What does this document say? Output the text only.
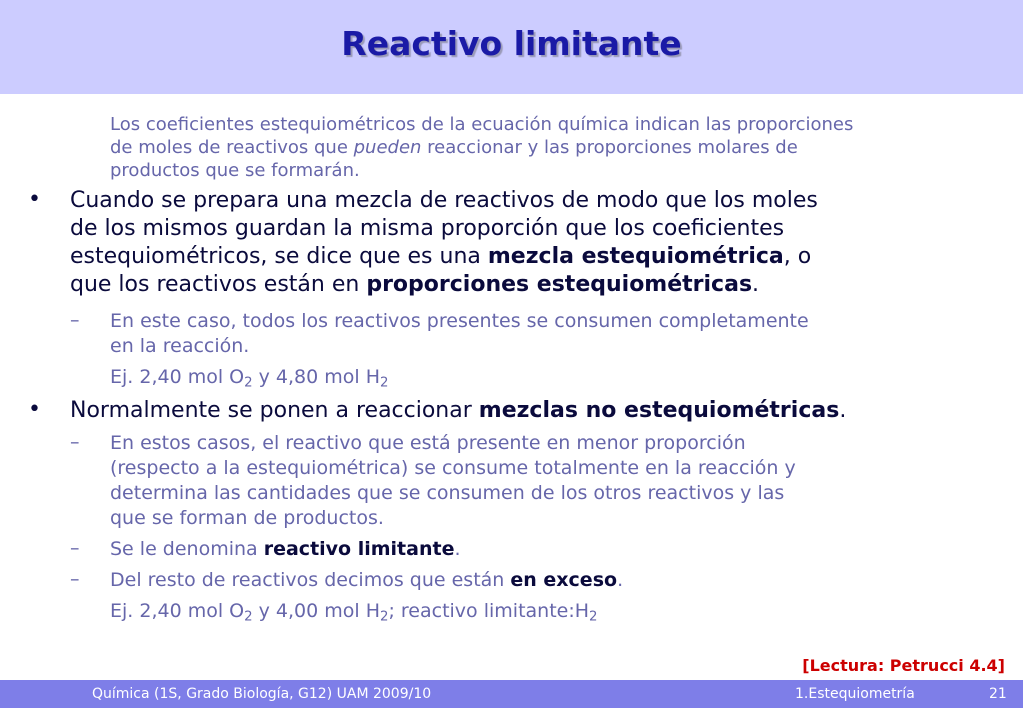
Reactivo limitante
Los coeficientes estequiométricos de la ecuación química indican las proporciones
de moles de reactivos que pueden reaccionar y las proporciones molares de
productos que se formarán.
• Cuando se prepara una mezcla de reactivos de modo que los moles
de los mismos guardan la misma proporción que los coeficientes
estequiométricos, se dice que es una mezcla estequiométrica, o
que los reactivos están en proporciones estequiométricas.
– En este caso, todos los reactivos presentes se consumen completamente
en la reacción.
Ej. 2,40 mol $O_2$ y 4,80 mol $H_2$
• Normalmente se ponen a reaccionar mezclas no estequiométricas.
– En estos casos, el reactivo que está presente en menor proporción
(respecto a la estequiométrica) se consume totalmente en la reacción y
determina las cantidades que se consumen de los otros reactivos y las
que se forman de productos.
– Se le denomina reactivo limitante.
– Del resto de reactivos decimos que están en exceso.
Ej. 2,40 mol $O_2$ y 4,00 mol $H_2$; reactivo $limitante:H_2$
[Lectura: Petrucci 4.4]
Química (1S, Grado Biología, G12) UAM 2009/10	1.Estequiometría	21
